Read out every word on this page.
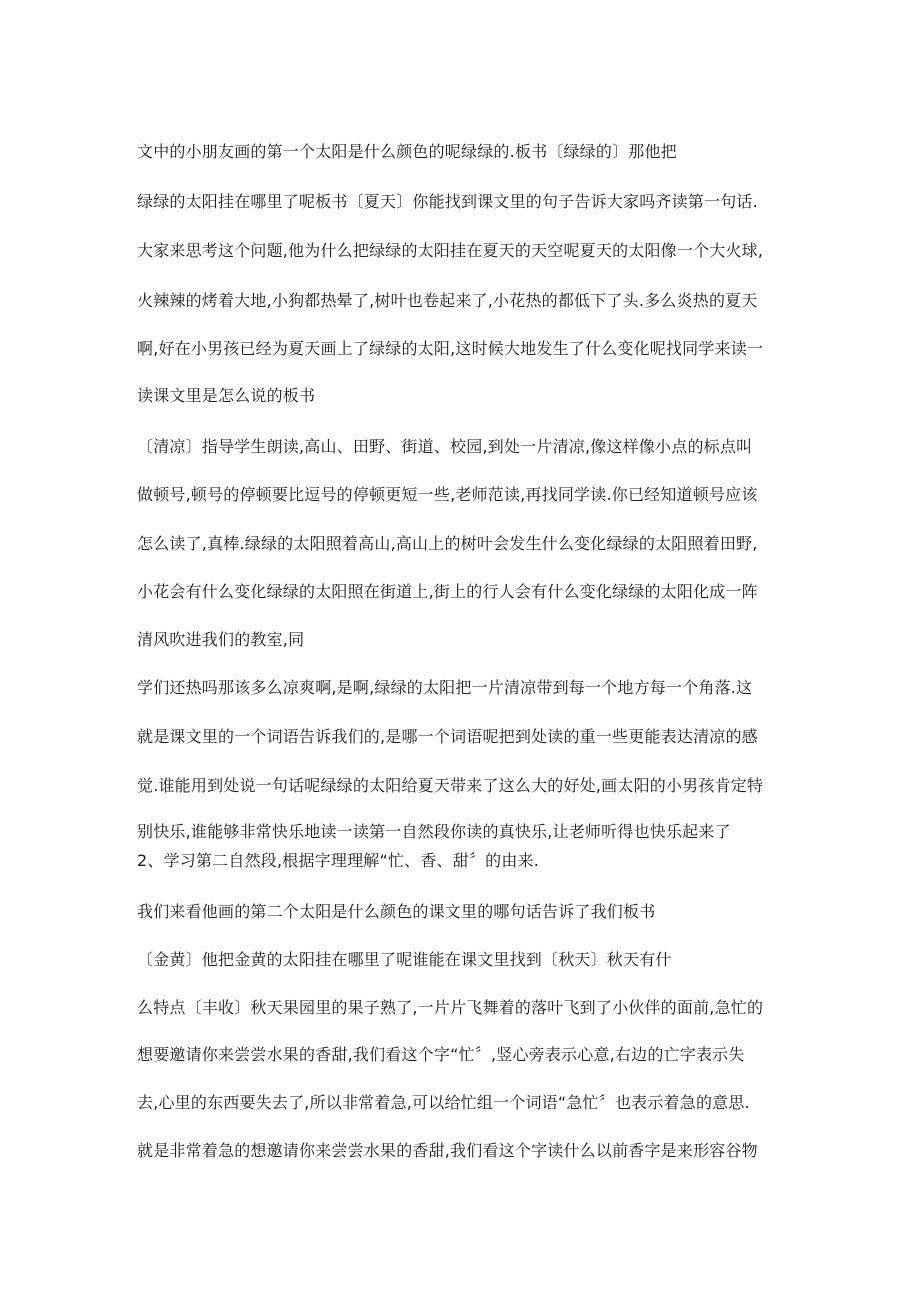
文中的小朋友画的第一个太阳是什么颜色的呢绿绿的.板书〔绿绿的〕那他把

绿绿的太阳挂在哪里了呢板书〔夏天〕你能找到课文里的句子告诉大家吗齐读第一句话.

大家来思考这个问题,他为什么把绿绿的太阳挂在夏天的天空呢夏天的太阳像一个大火球,

火辣辣的烤着大地,小狗都热晕了,树叶也卷起来了,小花热的都低下了头.多么炎热的夏天

啊,好在小男孩已经为夏天画上了绿绿的太阳,这时候大地发生了什么变化呢找同学来读一

读课文里是怎么说的板书

〔清凉〕指导学生朗读,高山、田野、街道、校园,到处一片清凉,像这样像小点的标点叫

做顿号,顿号的停顿要比逗号的停顿更短一些,老师范读,再找同学读.你已经知道顿号应该

怎么读了,真棒.绿绿的太阳照着高山,高山上的树叶会发生什么变化绿绿的太阳照着田野,

小花会有什么变化绿绿的太阳照在街道上,街上的行人会有什么变化绿绿的太阳化成一阵

清风吹进我们的教室,同

学们还热吗那该多么凉爽啊,是啊,绿绿的太阳把一片清凉带到每一个地方每一个角落.这

就是课文里的一个词语告诉我们的,是哪一个词语呢把到处读的重一些更能表达清凉的感

觉.谁能用到处说一句话呢绿绿的太阳给夏天带来了这么大的好处,画太阳的小男孩肯定特

别快乐,谁能够非常快乐地读一读第一自然段你读的真快乐,让老师听得也快乐起来了

2、学习第二自然段,根据字理理解“忙、香、甜〞的由来.

我们来看他画的第二个太阳是什么颜色的课文里的哪句话告诉了我们板书

〔金黄〕他把金黄的太阳挂在哪里了呢谁能在课文里找到〔秋天〕秋天有什

么特点〔丰收〕秋天果园里的果子熟了,一片片飞舞着的落叶飞到了小伙伴的面前,急忙的

想要邀请你来尝尝水果的香甜,我们看这个字“忙〞,竖心旁表示心意,右边的亡字表示失

去,心里的东西要失去了,所以非常着急,可以给忙组一个词语“急忙〞也表示着急的意思.

就是非常着急的想邀请你来尝尝水果的香甜,我们看这个字读什么以前香字是来形容谷物
